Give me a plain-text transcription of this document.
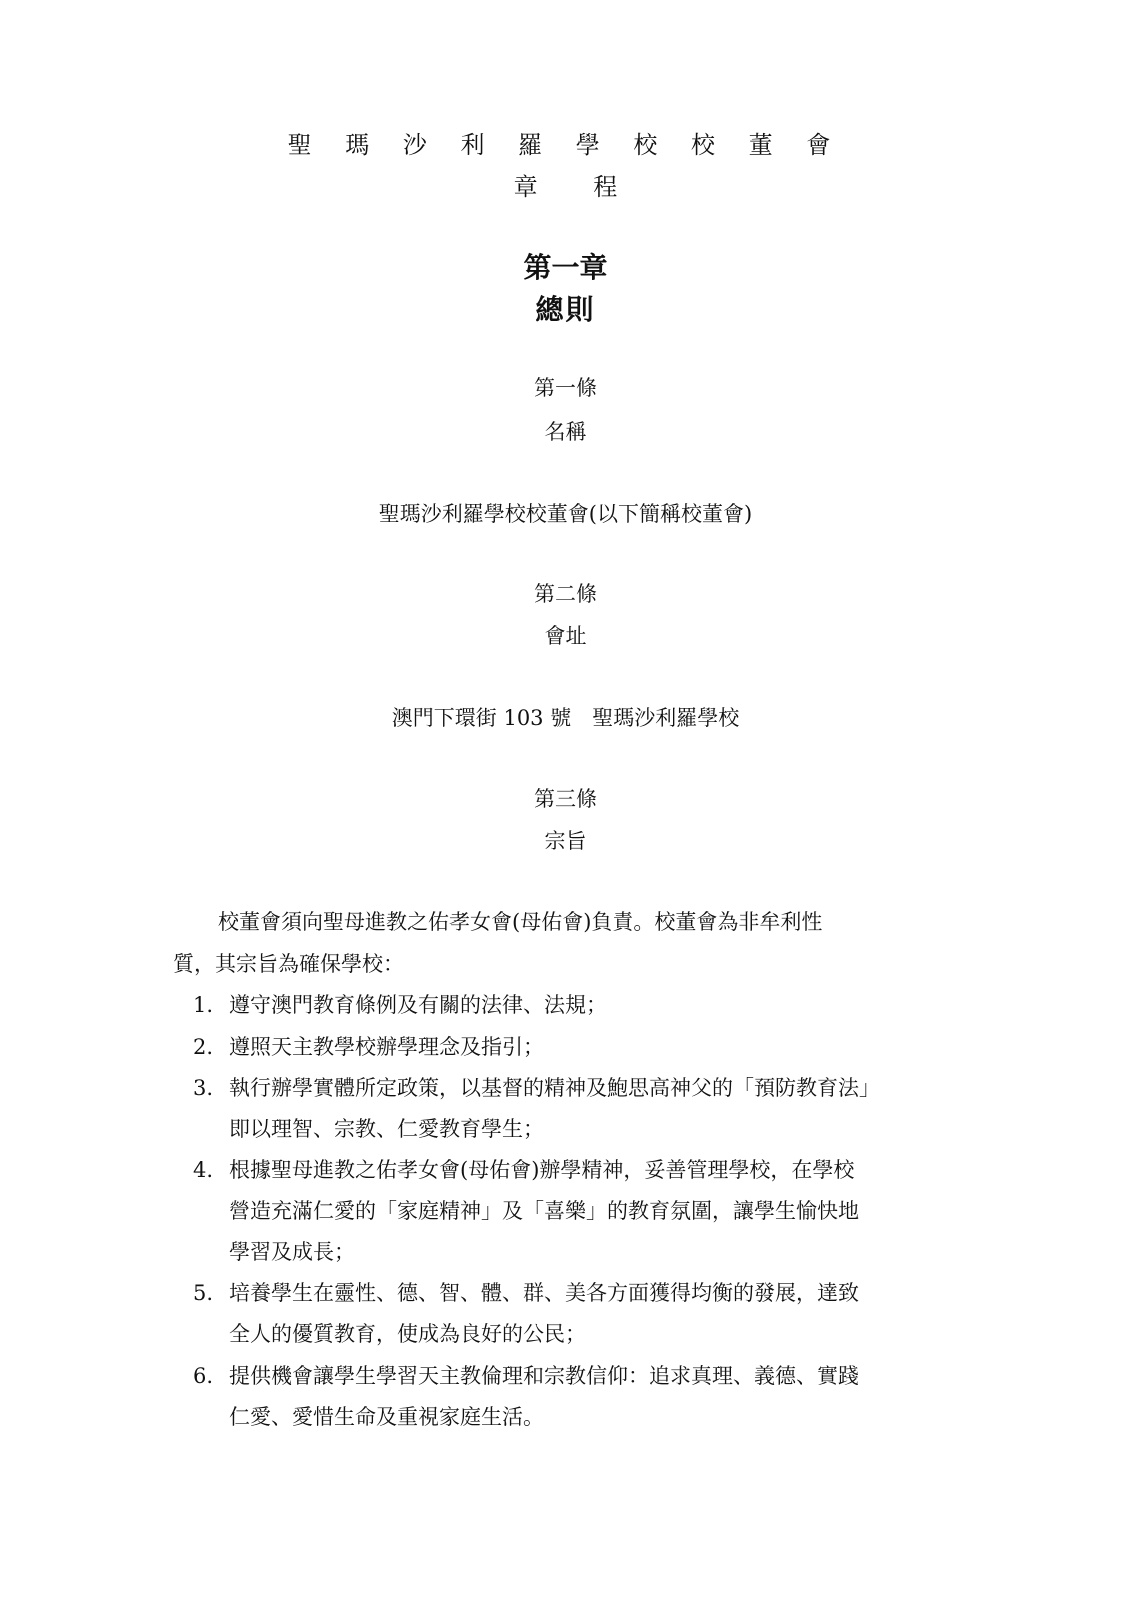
聖 瑪 沙 利 羅 學 校 校 董 會
章 程
第一章
總則
第一條
名稱
聖瑪沙利羅學校校董會(以下簡稱校董會)
第二條
會址
澳門下環街 103 號　聖瑪沙利羅學校
第三條
宗旨
校董會須向聖母進教之佑孝女會(母佑會)負責。校董會為非牟利性
質，其宗旨為確保學校：
1. 遵守澳門教育條例及有關的法律、法規；
2. 遵照天主教學校辦學理念及指引；
3. 執行辦學實體所定政策，以基督的精神及鮑思高神父的「預防教育法」
即以理智、宗教、仁愛教育學生；
4. 根據聖母進教之佑孝女會(母佑會)辦學精神，妥善管理學校，在學校
營造充滿仁愛的「家庭精神」及「喜樂」的教育氛圍，讓學生愉快地
學習及成長；
5. 培養學生在靈性、德、智、體、群、美各方面獲得均衡的發展，達致
全人的優質教育，使成為良好的公民；
6. 提供機會讓學生學習天主教倫理和宗教信仰：追求真理、義德、實踐
仁愛、愛惜生命及重視家庭生活。
